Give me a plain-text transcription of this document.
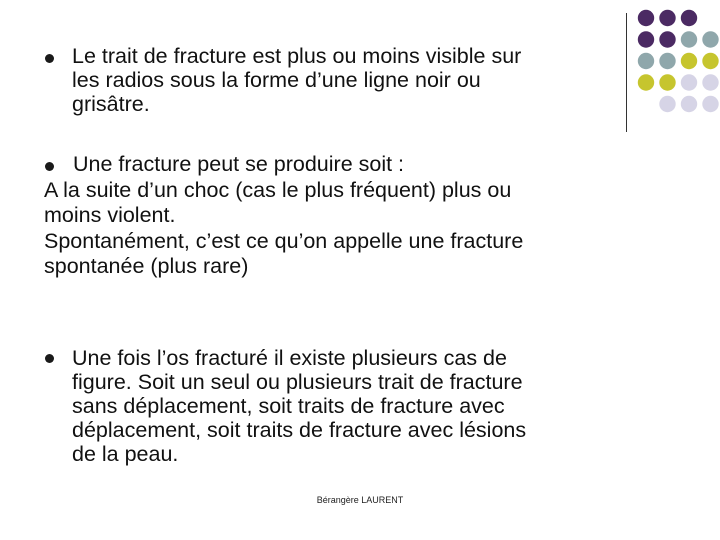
Le trait de fracture est plus ou moins visible sur
les radios sous la forme d’une ligne noir ou
grisâtre.
Une fracture peut se produire soit :
A la suite d’un choc (cas le plus fréquent) plus ou
moins violent.
Spontanément, c’est ce qu’on appelle une fracture
spontanée (plus rare)
Une fois l’os fracturé il existe plusieurs cas de
figure. Soit un seul ou plusieurs trait de fracture
sans déplacement, soit traits de fracture avec
déplacement, soit traits de fracture avec lésions
de la peau.
Bérangère LAURENT
